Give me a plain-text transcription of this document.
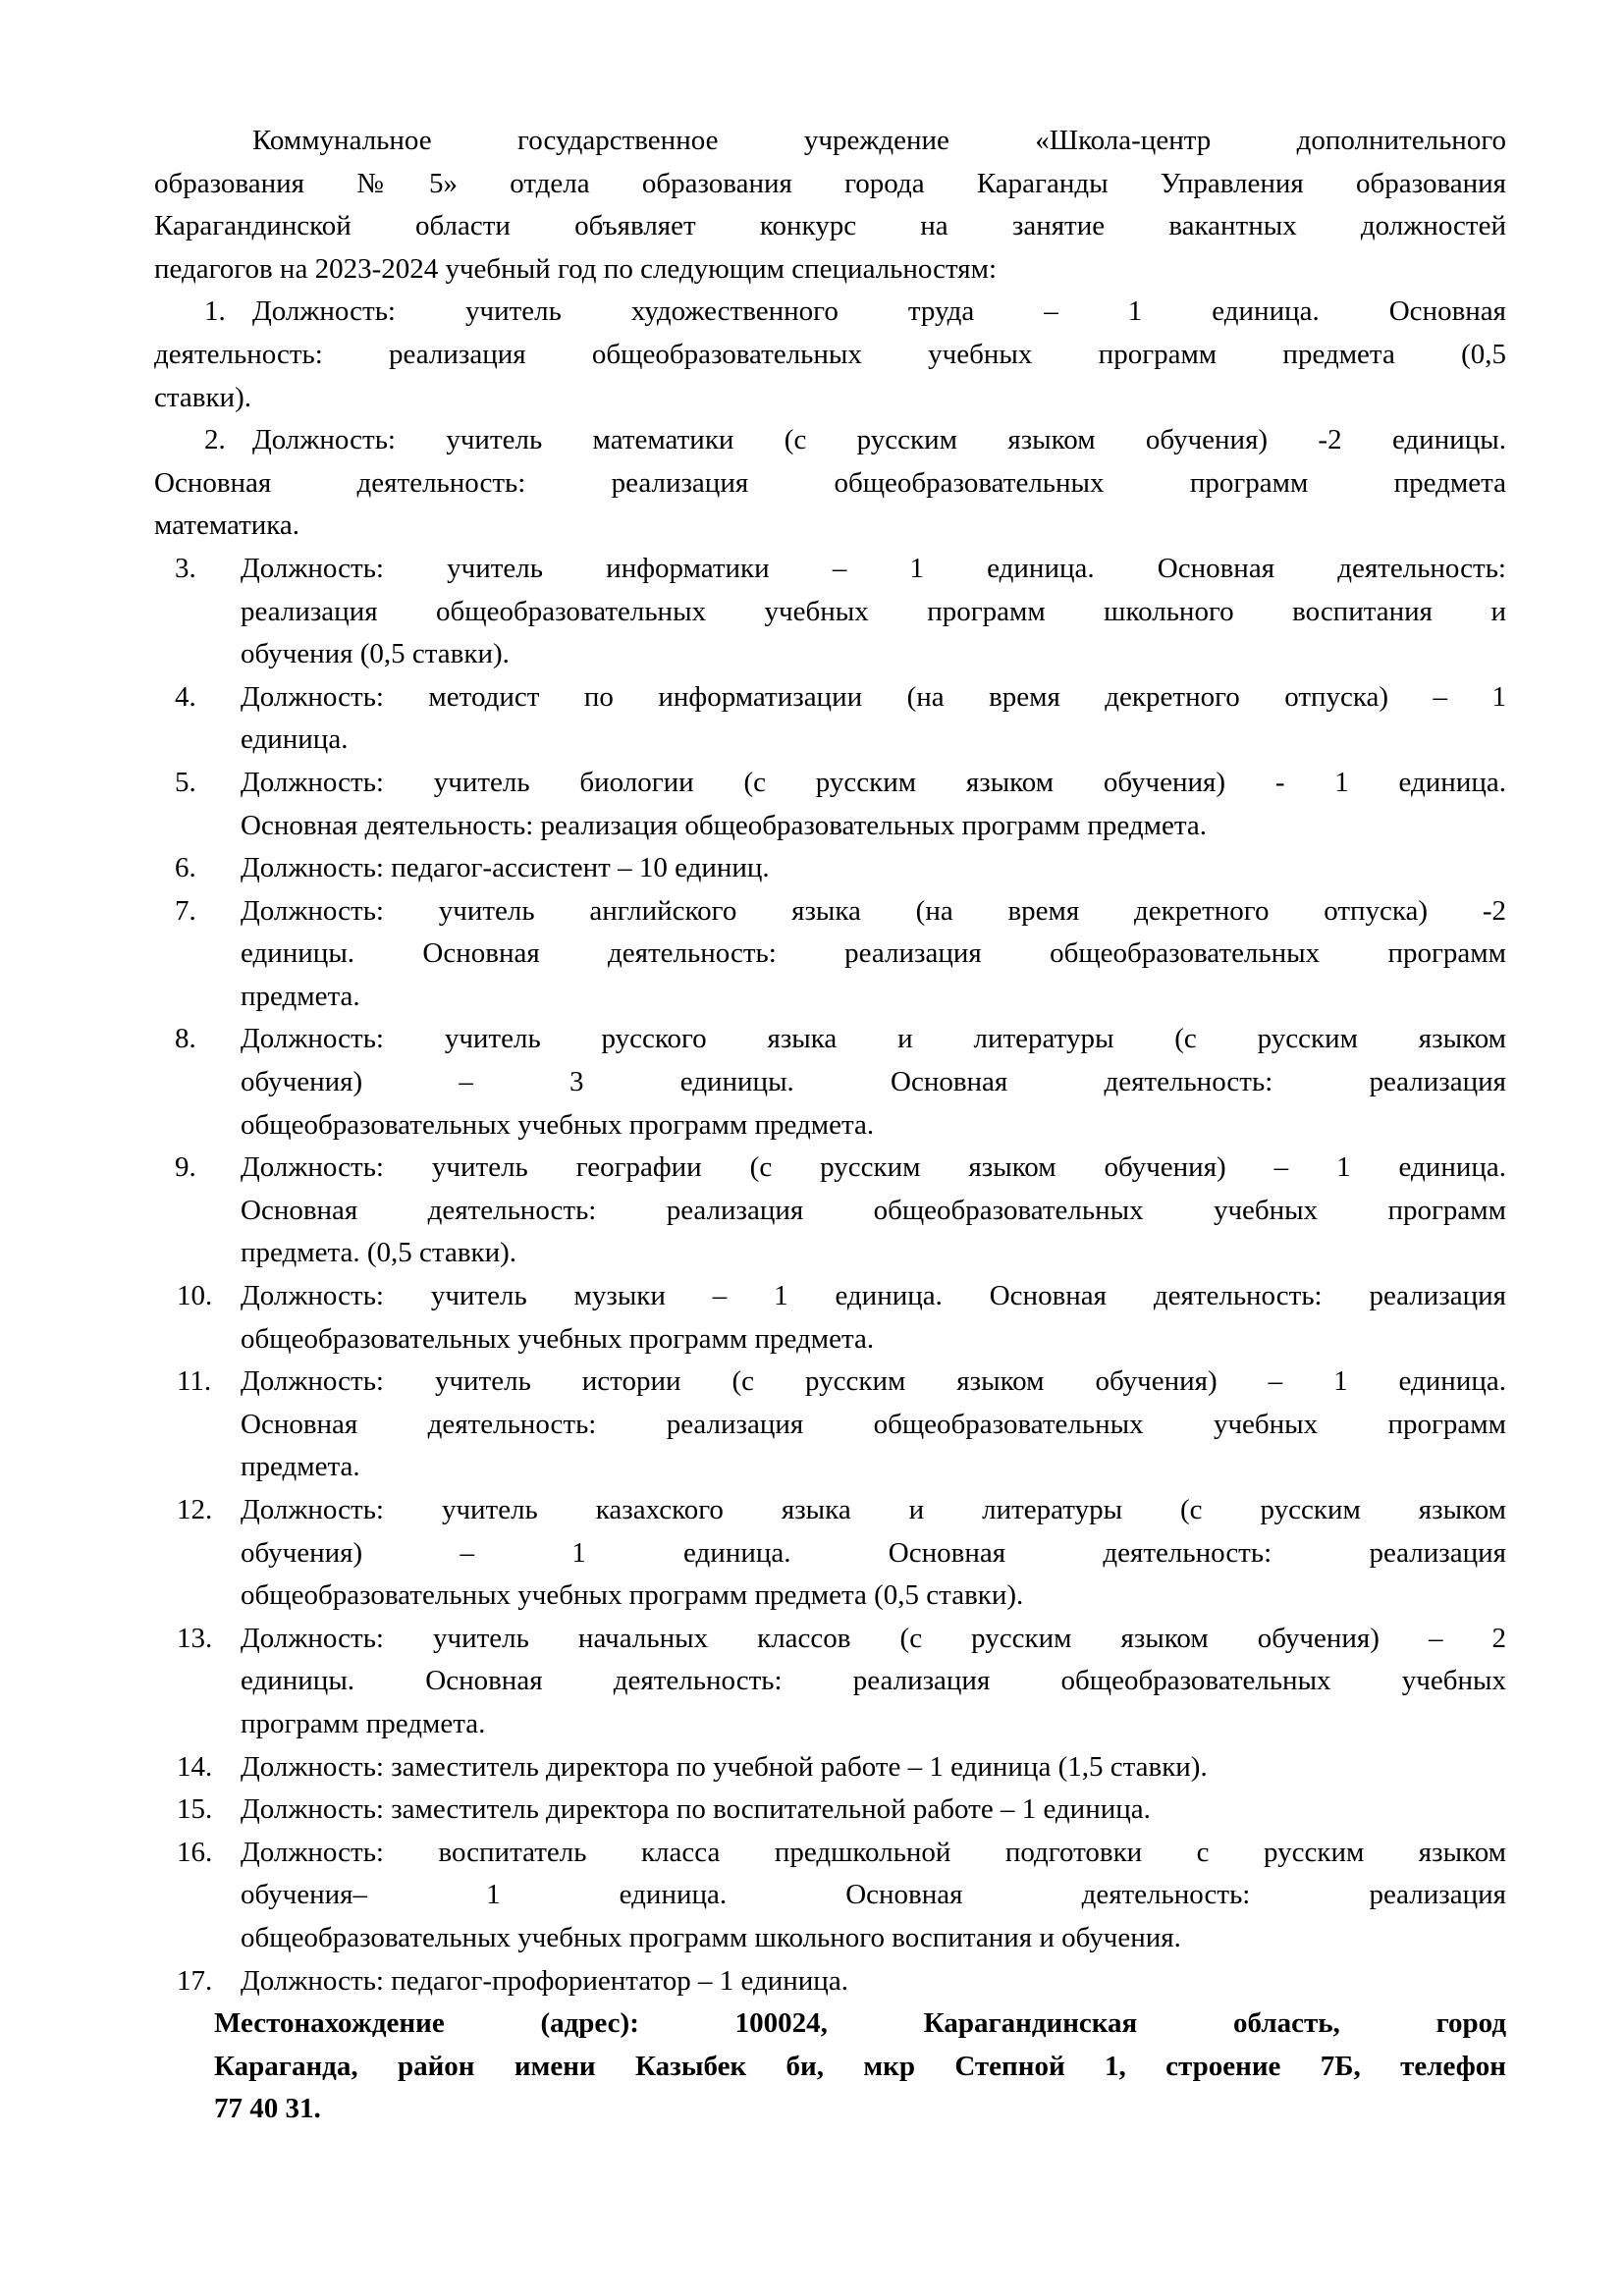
Коммунальное государственное учреждение «Школа-центр дополнительного
образования №5» отдела образования города Караганды Управления образования
Карагандинской области объявляет конкурс на занятие вакантных должностей
педагогов на 2023-2024 учебный год по следующим специальностям:
1. Должность: учитель художественного труда – 1 единица. Основная
деятельность: реализация общеобразовательных учебных программ предмета (0,5
ставки).
2. Должность: учитель математики (с русским языком обучения) -2 единицы.
Основная деятельность: реализация общеобразовательных программ предмета
математика.
3.	Должность: учитель информатики – 1 единица. Основная деятельность:
реализация общеобразовательных учебных программ школьного воспитания и
обучения (0,5 ставки).
4.	Должность: методист по информатизации (на время декретного отпуска) – 1
единица.
5.	Должность: учитель биологии (с русским языком обучения) - 1 единица.
Основная деятельность: реализация общеобразовательных программ предмета.
6.	Должность: педагог-ассистент – 10 единиц.
7.	Должность: учитель английского языка (на время декретного отпуска) -2
единицы. Основная деятельность: реализация общеобразовательных программ
предмета.
8.	Должность: учитель русского языка и литературы (с русским языком
обучения) – 3 единицы. Основная деятельность: реализация
общеобразовательных учебных программ предмета.
9.	Должность: учитель географии (с русским языком обучения) – 1 единица.
Основная деятельность: реализация общеобразовательных учебных программ
предмета. (0,5 ставки).
10. Должность: учитель музыки – 1 единица. Основная деятельность: реализация
общеобразовательных учебных программ предмета.
11.	Должность: учитель истории (с русским языком обучения) – 1 единица.
Основная деятельность: реализация общеобразовательных учебных программ
предмета.
12. Должность: учитель казахского языка и литературы (с русским языком
обучения) – 1 единица. Основная деятельность: реализация
общеобразовательных учебных программ предмета (0,5 ставки).
13. Должность: учитель начальных классов (с русским языком обучения) – 2
единицы. Основная деятельность: реализация общеобразовательных учебных
программ предмета.
14. Должность: заместитель директора по учебной работе – 1 единица (1,5 ставки).
15. Должность: заместитель директора по воспитательной работе – 1 единица.
16. Должность: воспитатель класса предшкольной подготовки с русским языком
обучения– 1 единица. Основная деятельность: реализация
общеобразовательных учебных программ школьного воспитания и обучения.
17. Должность: педагог-профориентатор – 1 единица.
Местонахождение (адрес): 100024, Карагандинская область, город
Караганда, район имени Казыбек би, мкр Степной 1, строение 7Б, телефон
77 40 31.
